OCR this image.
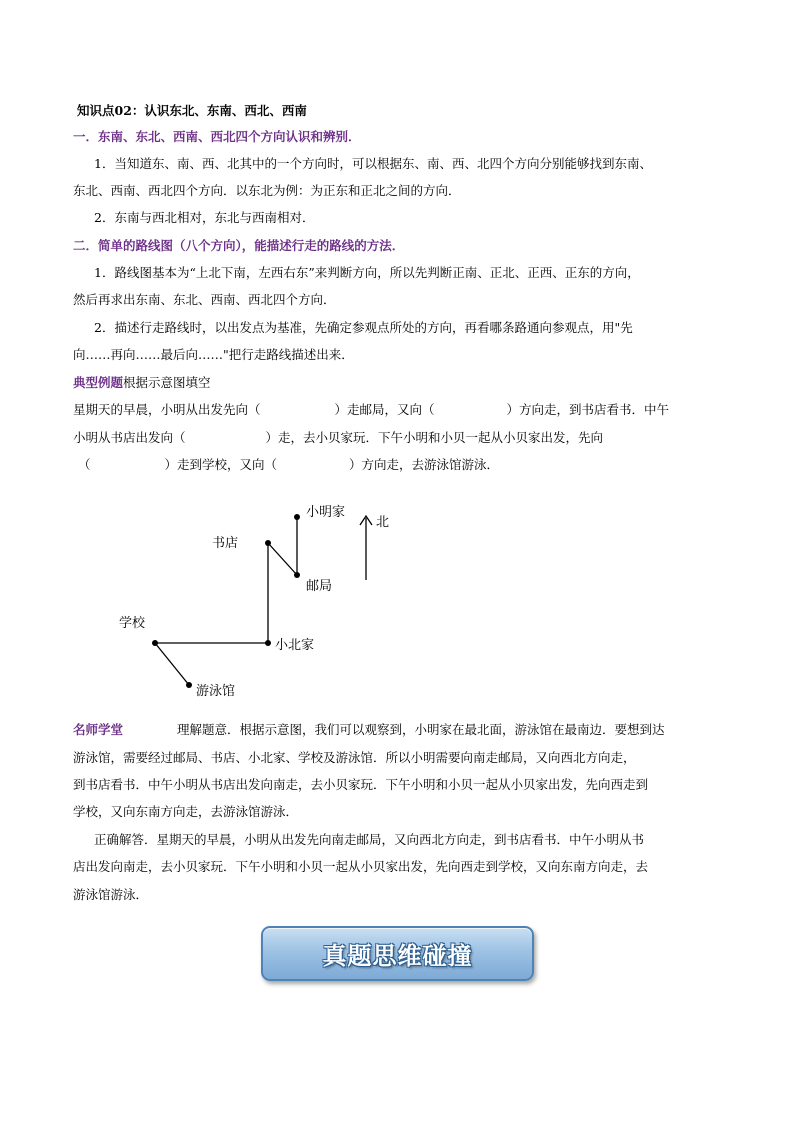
知识点02：认识东北、东南、西北、西南
一．东南、东北、西南、西北四个方向认识和辨别．
1．当知道东、南、西、北其中的一个方向时，可以根据东、南、西、北四个方向分别能够找到东南、
东北、西南、西北四个方向．以东北为例：为正东和正北之间的方向．
2．东南与西北相对，东北与西南相对．
二．简单的路线图（八个方向），能描述行走的路线的方法．
1．路线图基本为“上北下南，左西右东”来判断方向，所以先判断正南、正北、正西、正东的方向，
然后再求出东南、东北、西南、西北四个方向．
2．描述行走路线时，以出发点为基准，先确定参观点所处的方向，再看哪条路通向参观点，用"先
向……再向……最后向……"把行走路线描述出来．
典型例题根据示意图填空
星期天的早晨，小明从出发先向（	）走邮局，又向（	）方向走，到书店看书．中午
小明从书店出发向（	）走，去小贝家玩．下午小明和小贝一起从小贝家出发，先向
（	）走到学校，又向（	）方向走，去游泳馆游泳．
小明家
书店
邮局
学校
小北家
游泳馆
北
名师学堂	理解题意．根据示意图，我们可以观察到，小明家在最北面，游泳馆在最南边．要想到达
游泳馆，需要经过邮局、书店、小北家、学校及游泳馆．所以小明需要向南走邮局，又向西北方向走，
到书店看书．中午小明从书店出发向南走，去小贝家玩．下午小明和小贝一起从小贝家出发，先向西走到
学校，又向东南方向走，去游泳馆游泳．
正确解答．星期天的早晨，小明从出发先向南走邮局，又向西北方向走，到书店看书．中午小明从书
店出发向南走，去小贝家玩．下午小明和小贝一起从小贝家出发，先向西走到学校，又向东南方向走，去
游泳馆游泳．
真题思维碰撞
